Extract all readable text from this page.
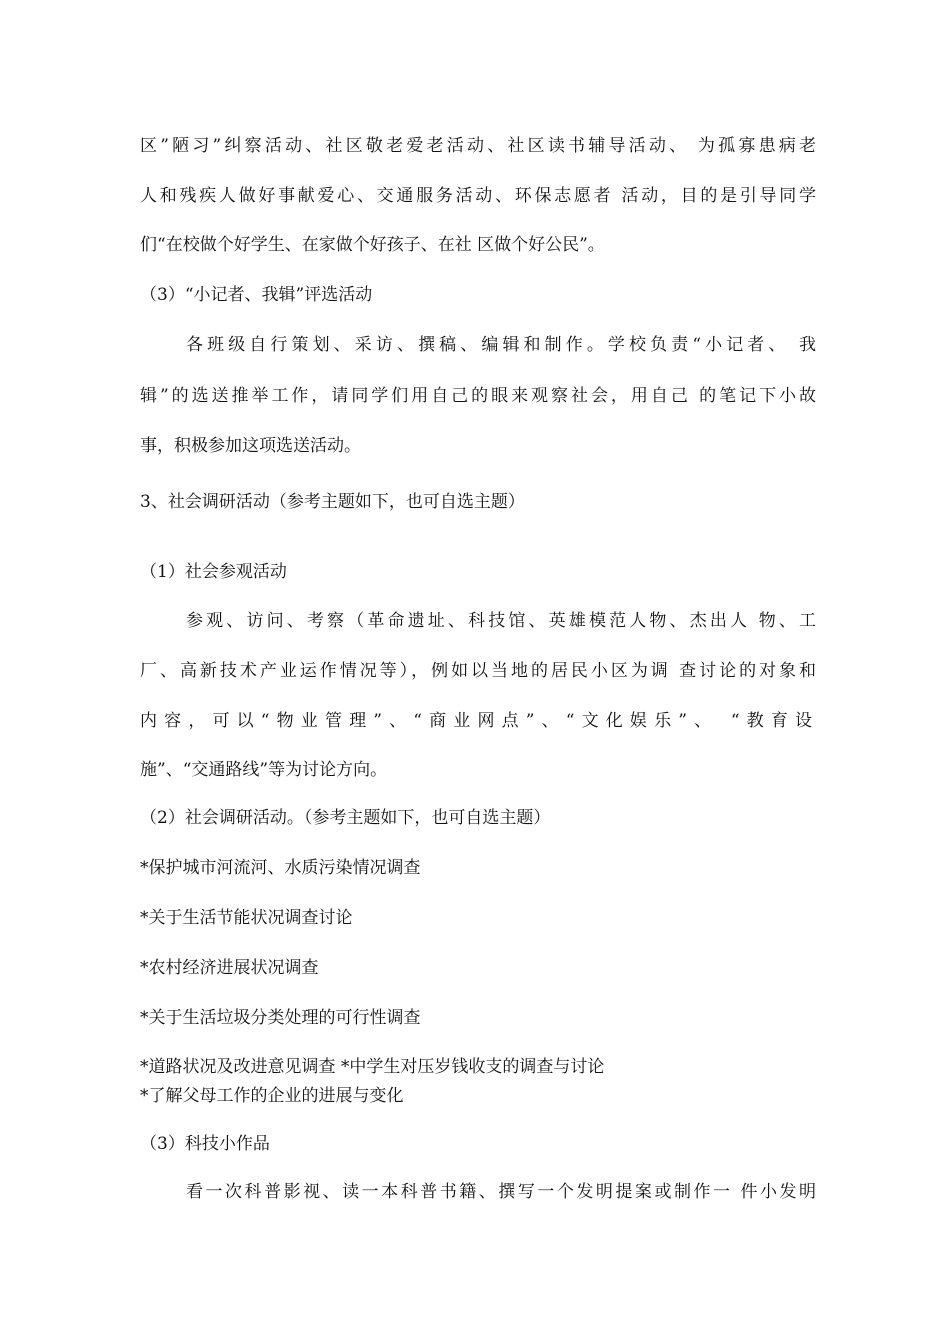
区”陋习”纠察活动、社区敬老爱老活动、社区读书辅导活动、 为孤寡患病老
人和残疾人做好事献爱心、交通服务活动、环保志愿者 活动，目的是引导同学
们“在校做个好学生、在家做个好孩子、在社 区做个好公民”。
（3）“小记者、我辑”评选活动
各班级自行策划、采访、撰稿、编辑和制作。学校负责“小记者、 我
辑”的选送推举工作，请同学们用自己的眼来观察社会，用自己 的笔记下小故
事，积极参加这项选送活动。
3、社会调研活动（参考主题如下，也可自选主题）
（1）社会参观活动
参观、访问、考察（革命遗址、科技馆、英雄模范人物、杰出人 物、工
厂、高新技术产业运作情况等），例如以当地的居民小区为调 查讨论的对象和
内容，可以“物业管理”、“商业网点”、“文化娱乐”、 “教育设
施”、“交通路线”等为讨论方向。
（2）社会调研活动。（参考主题如下，也可自选主题）
*保护城市河流河、水质污染情况调查
*关于生活节能状况调查讨论
*农村经济进展状况调查
*关于生活垃圾分类处理的可行性调查
*道路状况及改进意见调查 *中学生对压岁钱收支的调查与讨论
*了解父母工作的企业的进展与变化
（3）科技小作品
看一次科普影视、读一本科普书籍、撰写一个发明提案或制作一 件小发明
